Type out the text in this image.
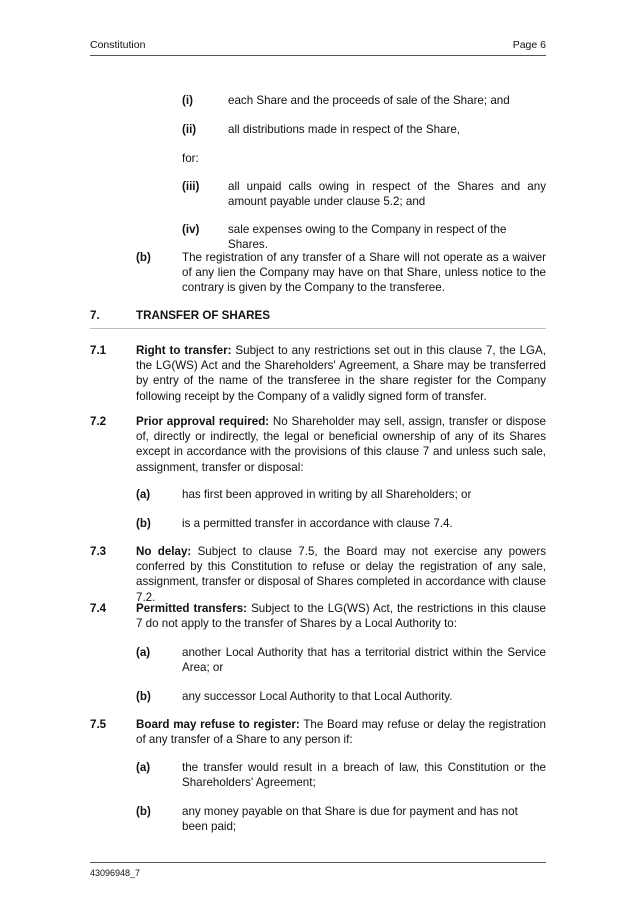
Constitution	Page 6
(i)	each Share and the proceeds of sale of the Share; and
(ii)	all distributions made in respect of the Share,
for:
(iii) all unpaid calls owing in respect of the Shares and any amount payable under clause 5.2; and
(iv) sale expenses owing to the Company in respect of the Shares.
(b)	The registration of any transfer of a Share will not operate as a waiver of any lien the Company may have on that Share, unless notice to the contrary is given by the Company to the transferee.
7.	TRANSFER OF SHARES
7.1	Right to transfer: Subject to any restrictions set out in this clause 7, the LGA, the LG(WS) Act and the Shareholders' Agreement, a Share may be transferred by entry of the name of the transferee in the share register for the Company following receipt by the Company of a validly signed form of transfer.
7.2	Prior approval required: No Shareholder may sell, assign, transfer or dispose of, directly or indirectly, the legal or beneficial ownership of any of its Shares except in accordance with the provisions of this clause 7 and unless such sale, assignment, transfer or disposal:
(a)	has first been approved in writing by all Shareholders; or
(b)	is a permitted transfer in accordance with clause 7.4.
7.3	No delay: Subject to clause 7.5, the Board may not exercise any powers conferred by this Constitution to refuse or delay the registration of any sale, assignment, transfer or disposal of Shares completed in accordance with clause 7.2.
7.4	Permitted transfers: Subject to the LG(WS) Act, the restrictions in this clause 7 do not apply to the transfer of Shares by a Local Authority to:
(a)	another Local Authority that has a territorial district within the Service Area; or
(b)	any successor Local Authority to that Local Authority.
7.5	Board may refuse to register: The Board may refuse or delay the registration of any transfer of a Share to any person if:
(a)	the transfer would result in a breach of law, this Constitution or the Shareholders' Agreement;
(b)	any money payable on that Share is due for payment and has not been paid;
43096948_7
